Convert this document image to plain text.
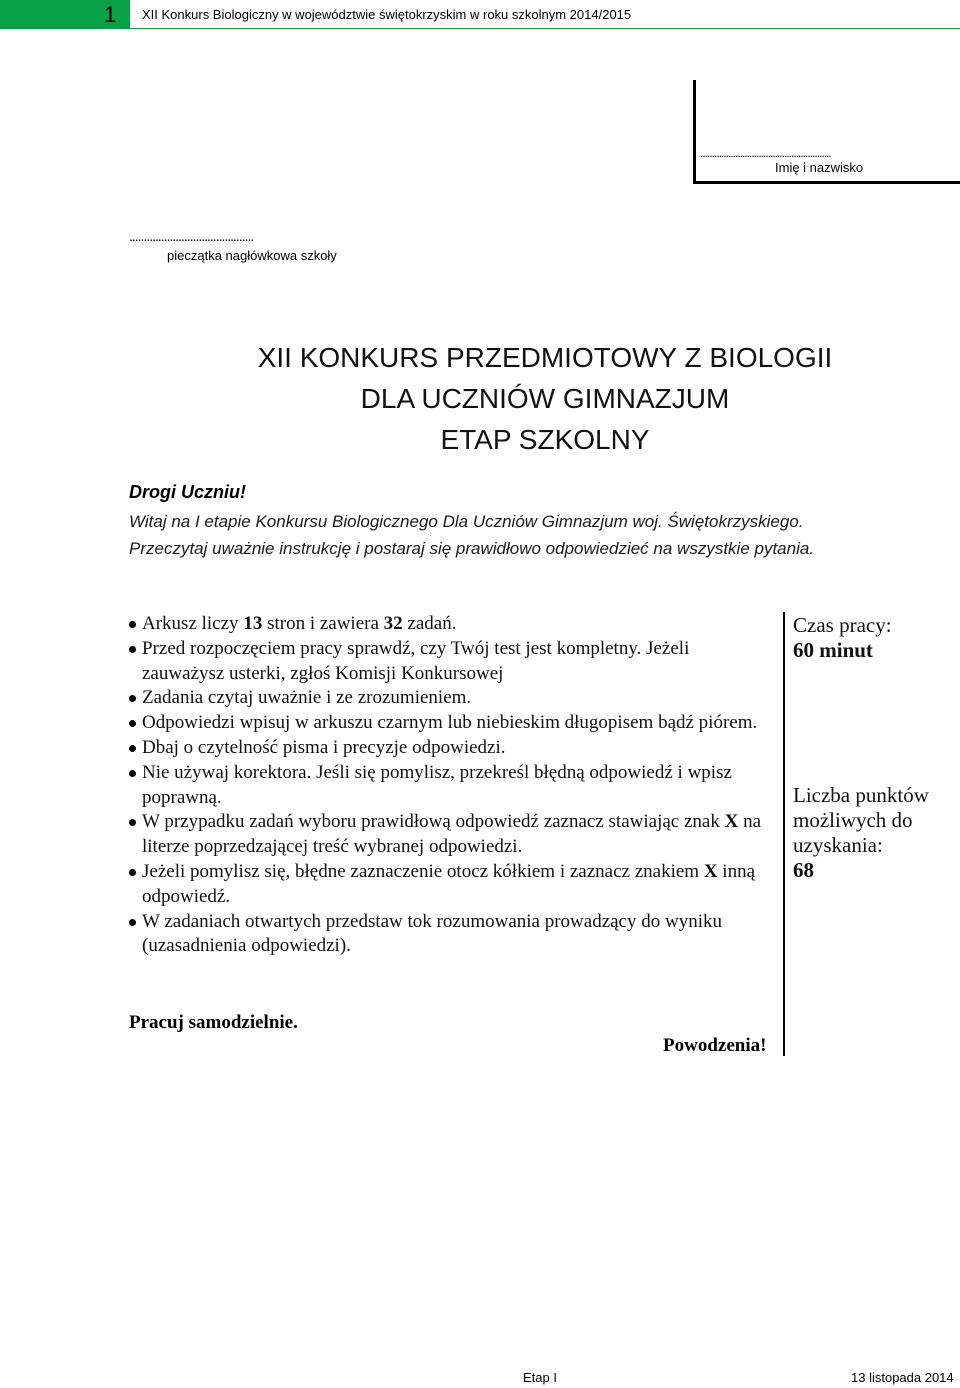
1 XII Konkurs Biologiczny w województwie świętokrzyskim w roku szkolnym 2014/2015
........................................................
Imię i nazwisko
...........................................
pieczątka nagłówkowa szkoły
XII KONKURS PRZEDMIOTOWY Z BIOLOGII
DLA UCZNIÓW GIMNAZJUM
ETAP SZKOLNY
Drogi Uczniu!
Witaj na I etapie Konkursu Biologicznego Dla Uczniów Gimnazjum woj. Świętokrzyskiego.
Przeczytaj uważnie instrukcję i postaraj się prawidłowo odpowiedzieć na wszystkie pytania.
Arkusz liczy 13 stron i zawiera 32 zadań.
Przed rozpoczęciem pracy sprawdź, czy Twój test jest kompletny. Jeżeli zauważysz usterki, zgłoś Komisji Konkursowej
Zadania czytaj uważnie i ze zrozumieniem.
Odpowiedzi wpisuj w arkuszu czarnym lub niebieskim długopisem bądź piórem.
Dbaj o czytelność pisma i precyzje odpowiedzi.
Nie używaj korektora. Jeśli się pomylisz, przekreśl błędną odpowiedź i wpisz poprawną.
W przypadku zadań wyboru prawidłową odpowiedź zaznacz stawiając znak X na literze poprzedzającej treść wybranej odpowiedzi.
Jeżeli pomylisz się, błędne zaznaczenie otocz kółkiem i zaznacz znakiem X inną odpowiedź.
W zadaniach otwartych przedstaw tok rozumowania prowadzący do wyniku (uzasadnienia odpowiedzi).
Czas pracy:
60 minut
Liczba punktów możliwych do uzyskania:
68
Pracuj samodzielnie.
Powodzenia!
Etap I	13 listopada 2014
